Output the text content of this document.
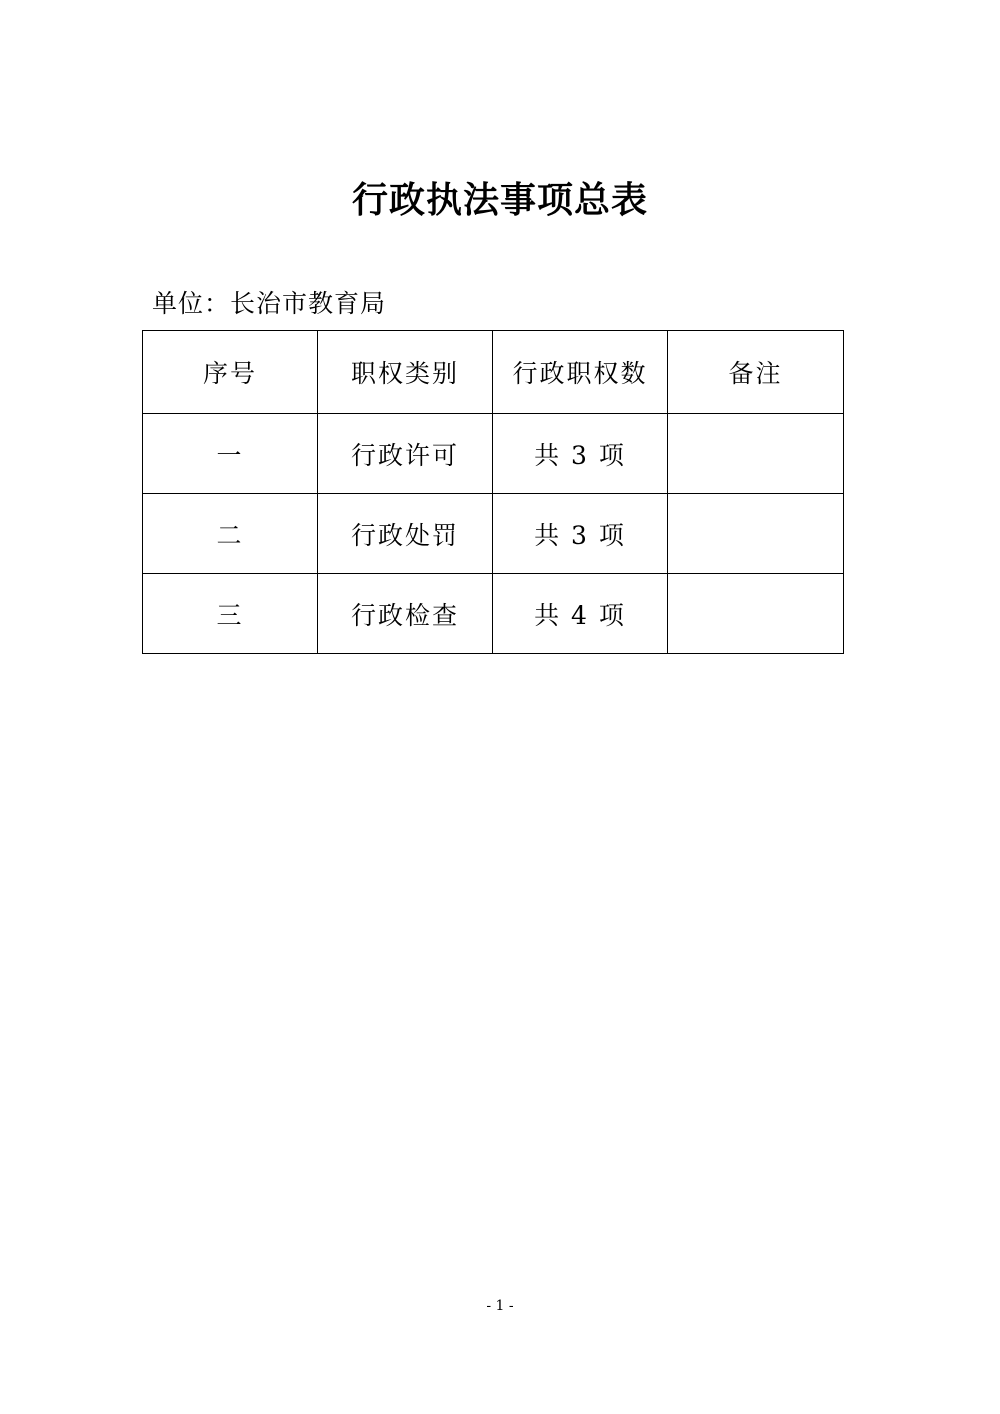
行政执法事项总表
单位：长治市教育局
序号	职权类别	行政职权数	备注
一	行政许可	共 3 项	
二	行政处罚	共 3 项	
三	行政检查	共 4 项	
- 1 -
